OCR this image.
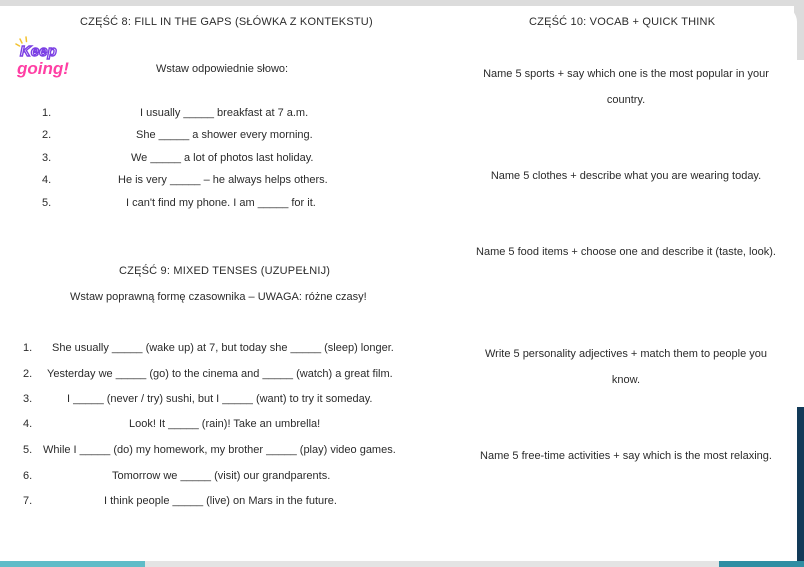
Keep
going!
CZĘŚĆ 8: FILL IN THE GAPS (SŁÓWKA Z KONTEKSTU)
Wstaw odpowiednie słowo:
1.	I usually _____ breakfast at 7 a.m.
2.	She _____ a shower every morning.
3.	We _____ a lot of photos last holiday.
4.	He is very _____ – he always helps others.
5.	I can't find my phone. I am _____ for it.
CZĘŚĆ 9: MIXED TENSES (UZUPEŁNIJ)
Wstaw poprawną formę czasownika – UWAGA: różne czasy!
1. She usually _____ (wake up) at 7, but today she _____ (sleep) longer.
2. Yesterday we _____ (go) to the cinema and _____ (watch) a great film.
3.	I _____ (never / try) sushi, but I _____ (want) to try it someday.
4.	Look! It _____ (rain)! Take an umbrella!
5. While I _____ (do) my homework, my brother _____ (play) video games.
6.	Tomorrow we _____ (visit) our grandparents.
7.	I think people _____ (live) on Mars in the future.
CZĘŚĆ 10: VOCAB + QUICK THINK
Name 5 sports + say which one is the most popular in your country.
Name 5 clothes + describe what you are wearing today.
Name 5 food items + choose one and describe it (taste, look).
Write 5 personality adjectives + match them to people you know.
Name 5 free-time activities + say which is the most relaxing.
